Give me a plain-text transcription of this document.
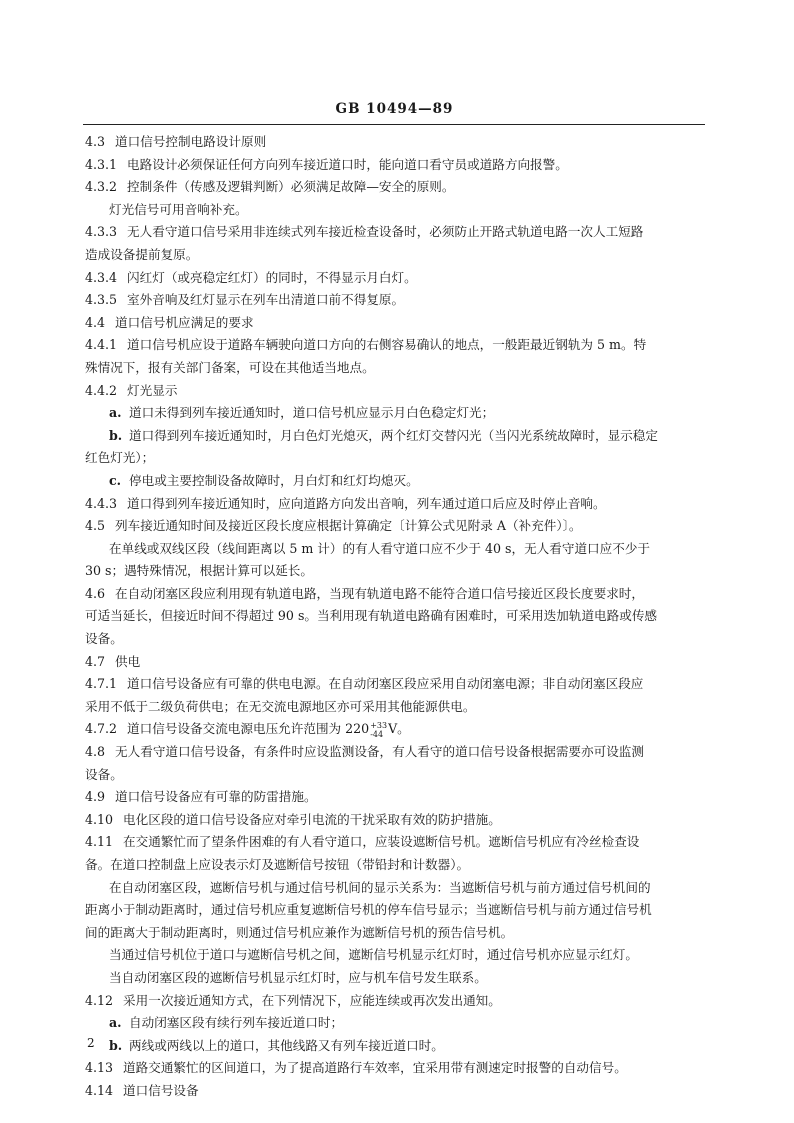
GB 10494—89
4.3 道口信号控制电路设计原则
4.3.1 电路设计必须保证任何方向列车接近道口时，能向道口看守员或道路方向报警。
4.3.2 控制条件（传感及逻辑判断）必须满足故障—安全的原则。
灯光信号可用音响补充。
4.3.3 无人看守道口信号采用非连续式列车接近检查设备时，必须防止开路式轨道电路一次人工短路
造成设备提前复原。
4.3.4 闪红灯（或亮稳定红灯）的同时，不得显示月白灯。
4.3.5 室外音响及红灯显示在列车出清道口前不得复原。
4.4 道口信号机应满足的要求
4.4.1 道口信号机应设于道路车辆驶向道口方向的右侧容易确认的地点，一般距最近钢轨为 5 m。特
殊情况下，报有关部门备案，可设在其他适当地点。
4.4.2 灯光显示
a. 道口未得到列车接近通知时，道口信号机应显示月白色稳定灯光；
b. 道口得到列车接近通知时，月白色灯光熄灭，两个红灯交替闪光（当闪光系统故障时，显示稳定
红色灯光）；
c. 停电或主要控制设备故障时，月白灯和红灯均熄灭。
4.4.3 道口得到列车接近通知时，应向道路方向发出音响，列车通过道口后应及时停止音响。
4.5 列车接近通知时间及接近区段长度应根据计算确定〔计算公式见附录 A（补充件）〕。
在单线或双线区段（线间距离以 5 m 计）的有人看守道口应不少于 40 s，无人看守道口应不少于
30 s；遇特殊情况，根据计算可以延长。
4.6 在自动闭塞区段应利用现有轨道电路，当现有轨道电路不能符合道口信号接近区段长度要求时，
可适当延长，但接近时间不得超过 90 s。当利用现有轨道电路确有困难时，可采用迭加轨道电路或传感
设备。
4.7 供电
4.7.1 道口信号设备应有可靠的供电电源。在自动闭塞区段应采用自动闭塞电源；非自动闭塞区段应
采用不低于二级负荷供电；在无交流电源地区亦可采用其他能源供电。
4.7.2 道口信号设备交流电源电压允许范围为 220 +33
-44 V。
4.8 无人看守道口信号设备，有条件时应设监测设备，有人看守的道口信号设备根据需要亦可设监测
设备。
4.9 道口信号设备应有可靠的防雷措施。
4.10 电化区段的道口信号设备应对牵引电流的干扰采取有效的防护措施。
4.11 在交通繁忙而了望条件困难的有人看守道口，应装设遮断信号机。遮断信号机应有冷丝检查设
备。在道口控制盘上应设表示灯及遮断信号按钮（带铅封和计数器）。
在自动闭塞区段，遮断信号机与通过信号机间的显示关系为：当遮断信号机与前方通过信号机间的
距离小于制动距离时，通过信号机应重复遮断信号机的停车信号显示；当遮断信号机与前方通过信号机
间的距离大于制动距离时，则通过信号机应兼作为遮断信号机的预告信号机。
当通过信号机位于道口与遮断信号机之间，遮断信号机显示红灯时，通过信号机亦应显示红灯。
当自动闭塞区段的遮断信号机显示红灯时，应与机车信号发生联系。
4.12 采用一次接近通知方式，在下列情况下，应能连续或再次发出通知。
a. 自动闭塞区段有续行列车接近道口时；
b. 两线或两线以上的道口，其他线路又有列车接近道口时。
4.13 道路交通繁忙的区间道口，为了提高道路行车效率，宜采用带有测速定时报警的自动信号。
4.14 道口信号设备
2
